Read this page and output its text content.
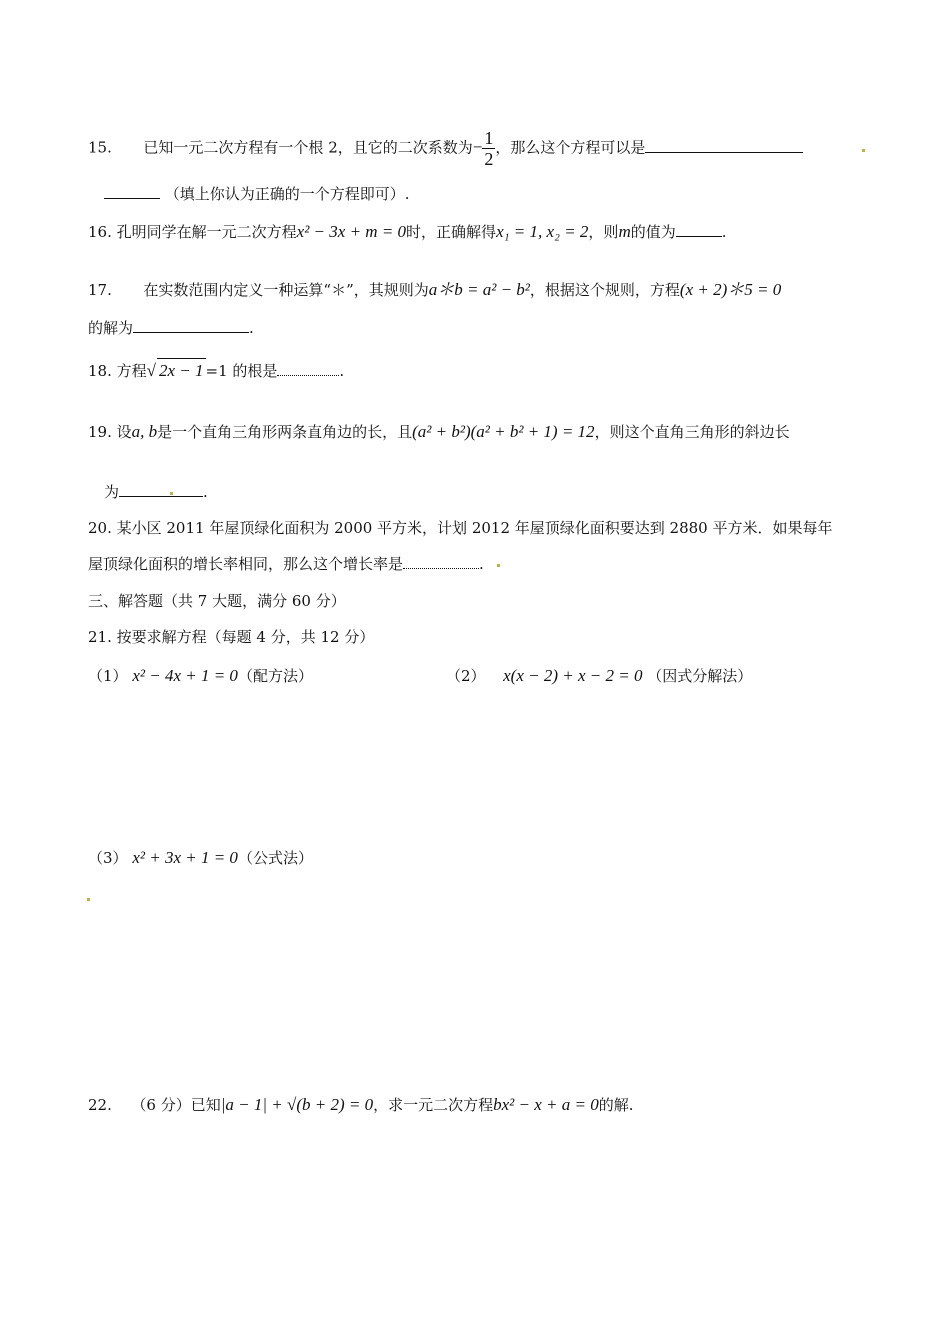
15. 已知一元二次方程有一个根 2，且它的二次系数为− $\frac{1}{2}$ ，那么这个方程可以是
（填上你认为正确的一个方程即可）.
16. 孔明同学在解一元二次方程x² − 3x + m = 0时，正确解得x₁ = 1, x₂ = 2，则m的值为	.
17. 在实数范围内定义一种运算“＊”，其规则为a＊b = a² − b²，根据这个规则，方程(x + 2)＊5 = 0
的解为	.
18. 方程√ 2x − 1 =1 的根是	.
19. 设a, b是一个直角三角形两条直角边的长，且(a² + b²)(a² + b² + 1) = 12，则这个直角三角形的斜边长
为	.
20. 某小区 2011 年屋顶绿化面积为 2000 平方米，计划 2012 年屋顶绿化面积要达到 2880 平方米．如果每年
屋顶绿化面积的增长率相同，那么这个增长率是	.
三、解答题（共 7 大题，满分 60 分）
21. 按要求解方程（每题 4 分，共 12 分）
（1） x² − 4x + 1 = 0（配方法）	（2） x(x − 2) + x − 2 = 0 （因式分解法）
（3） x² + 3x + 1 = 0（公式法）
22. （6 分）已知|a − 1| + √(b + 2) = 0，求一元二次方程bx² − x + a = 0的解.
